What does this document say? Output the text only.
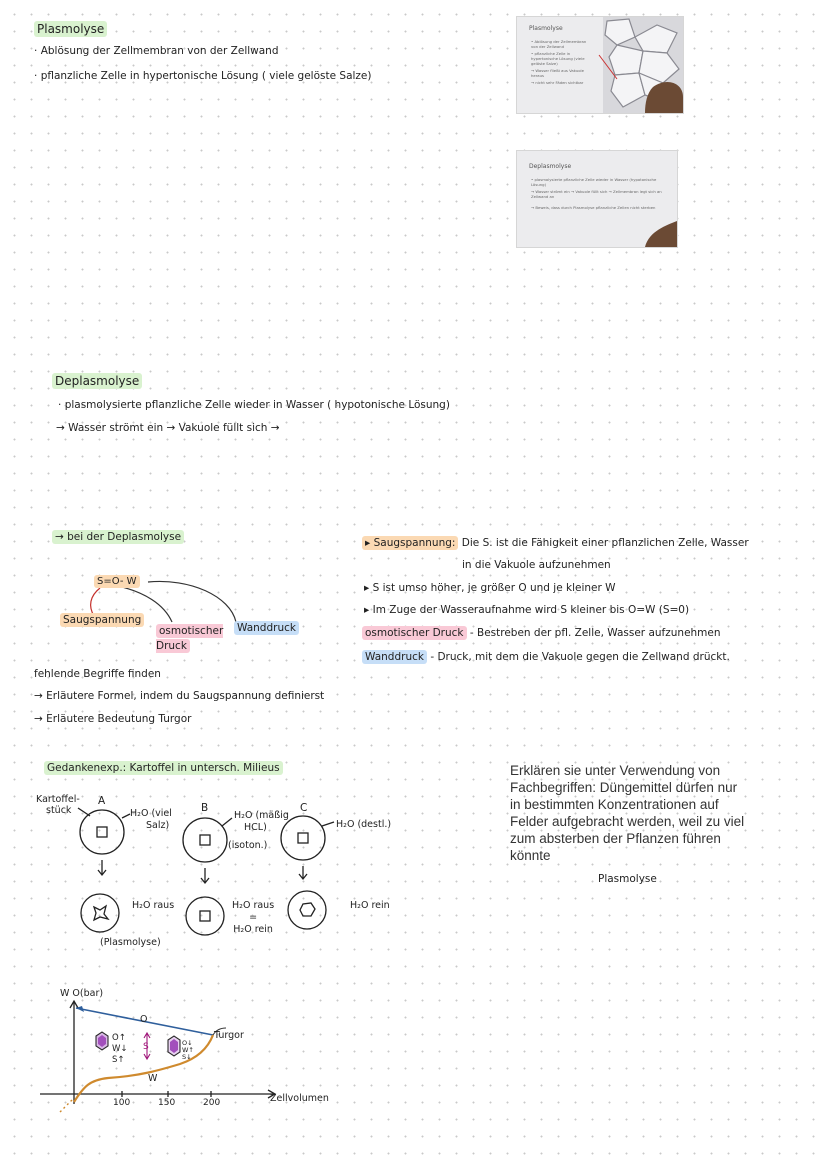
Plasmolyse
· Ablösung der Zellmembran von der Zellwand
· pflanzliche Zelle in hypertonische Lösung ( viele gelöste Salze)
Plasmolyse
• Ablösung der Zellmembran
von der Zellwand
• pflanzliche Zelle in
hypertonische Lösung (viele
gelöste Salze)
→ Wasser fließt aus Vakuole
heraus
→ nicht sehr Fäden sichtbar
Deplasmolyse
• plasmolysierte pflanzliche Zelle wieder in Wasser (hypotonische
Lösung)
→ Wasser strömt ein → Vakuole füllt sich → Zellmembran legt sich an
Zellwand an
→ Beweis, dass durch Plasmolyse pflanzliche Zellen nicht sterben
Deplasmolyse
· plasmolysierte pflanzliche Zelle wieder in Wasser ( hypotonische Lösung)
→ Wasser strömt ein → Vakuole füllt sich →
→ bei der Deplasmolyse
S=O- W
Saugspannung
osmotischer Druck
Wanddruck
fehlende Begriffe finden
→ Erläutere Formel, indem du Saugspannung definierst
→ Erläutere Bedeutung Turgor
▸ Saugspannung: Die S. ist die Fähigkeit einer pflanzlichen Zelle, Wasser
in die Vakuole aufzunehmen
▸ S ist umso höher, je größer O und je kleiner W
▸ Im Zuge der Wasseraufnahme wird S kleiner bis O=W (S=0)
osmotischer Druck - Bestreben der pfl. Zelle, Wasser aufzunehmen
Wanddruck - Druck, mit dem die Vakuole gegen die Zellwand drückt.
Gedankenexp.: Kartoffel in untersch. Milieus
Kartoffel-
stück
A
B	C
H₂O (viel
Salz)
H₂O (mäßig
HCL)
(isoton.)
H₂O (destl.)
H₂O raus
(Plasmolyse)
H₂O raus
=
H₂O rein
H₂O rein
Erklären sie unter Verwendung von Fachbegriffen: Düngemittel dürfen nur in bestimmten Konzentrationen auf Felder aufgebracht werden, weil zu viel zum absterben der Pflanzen führen könnte
Plasmolyse
W O(bar)
O
S
W
Turgor
Zellvolumen
100	150	200
O↑
W↓
S↑
O↓
W↑
S↓
